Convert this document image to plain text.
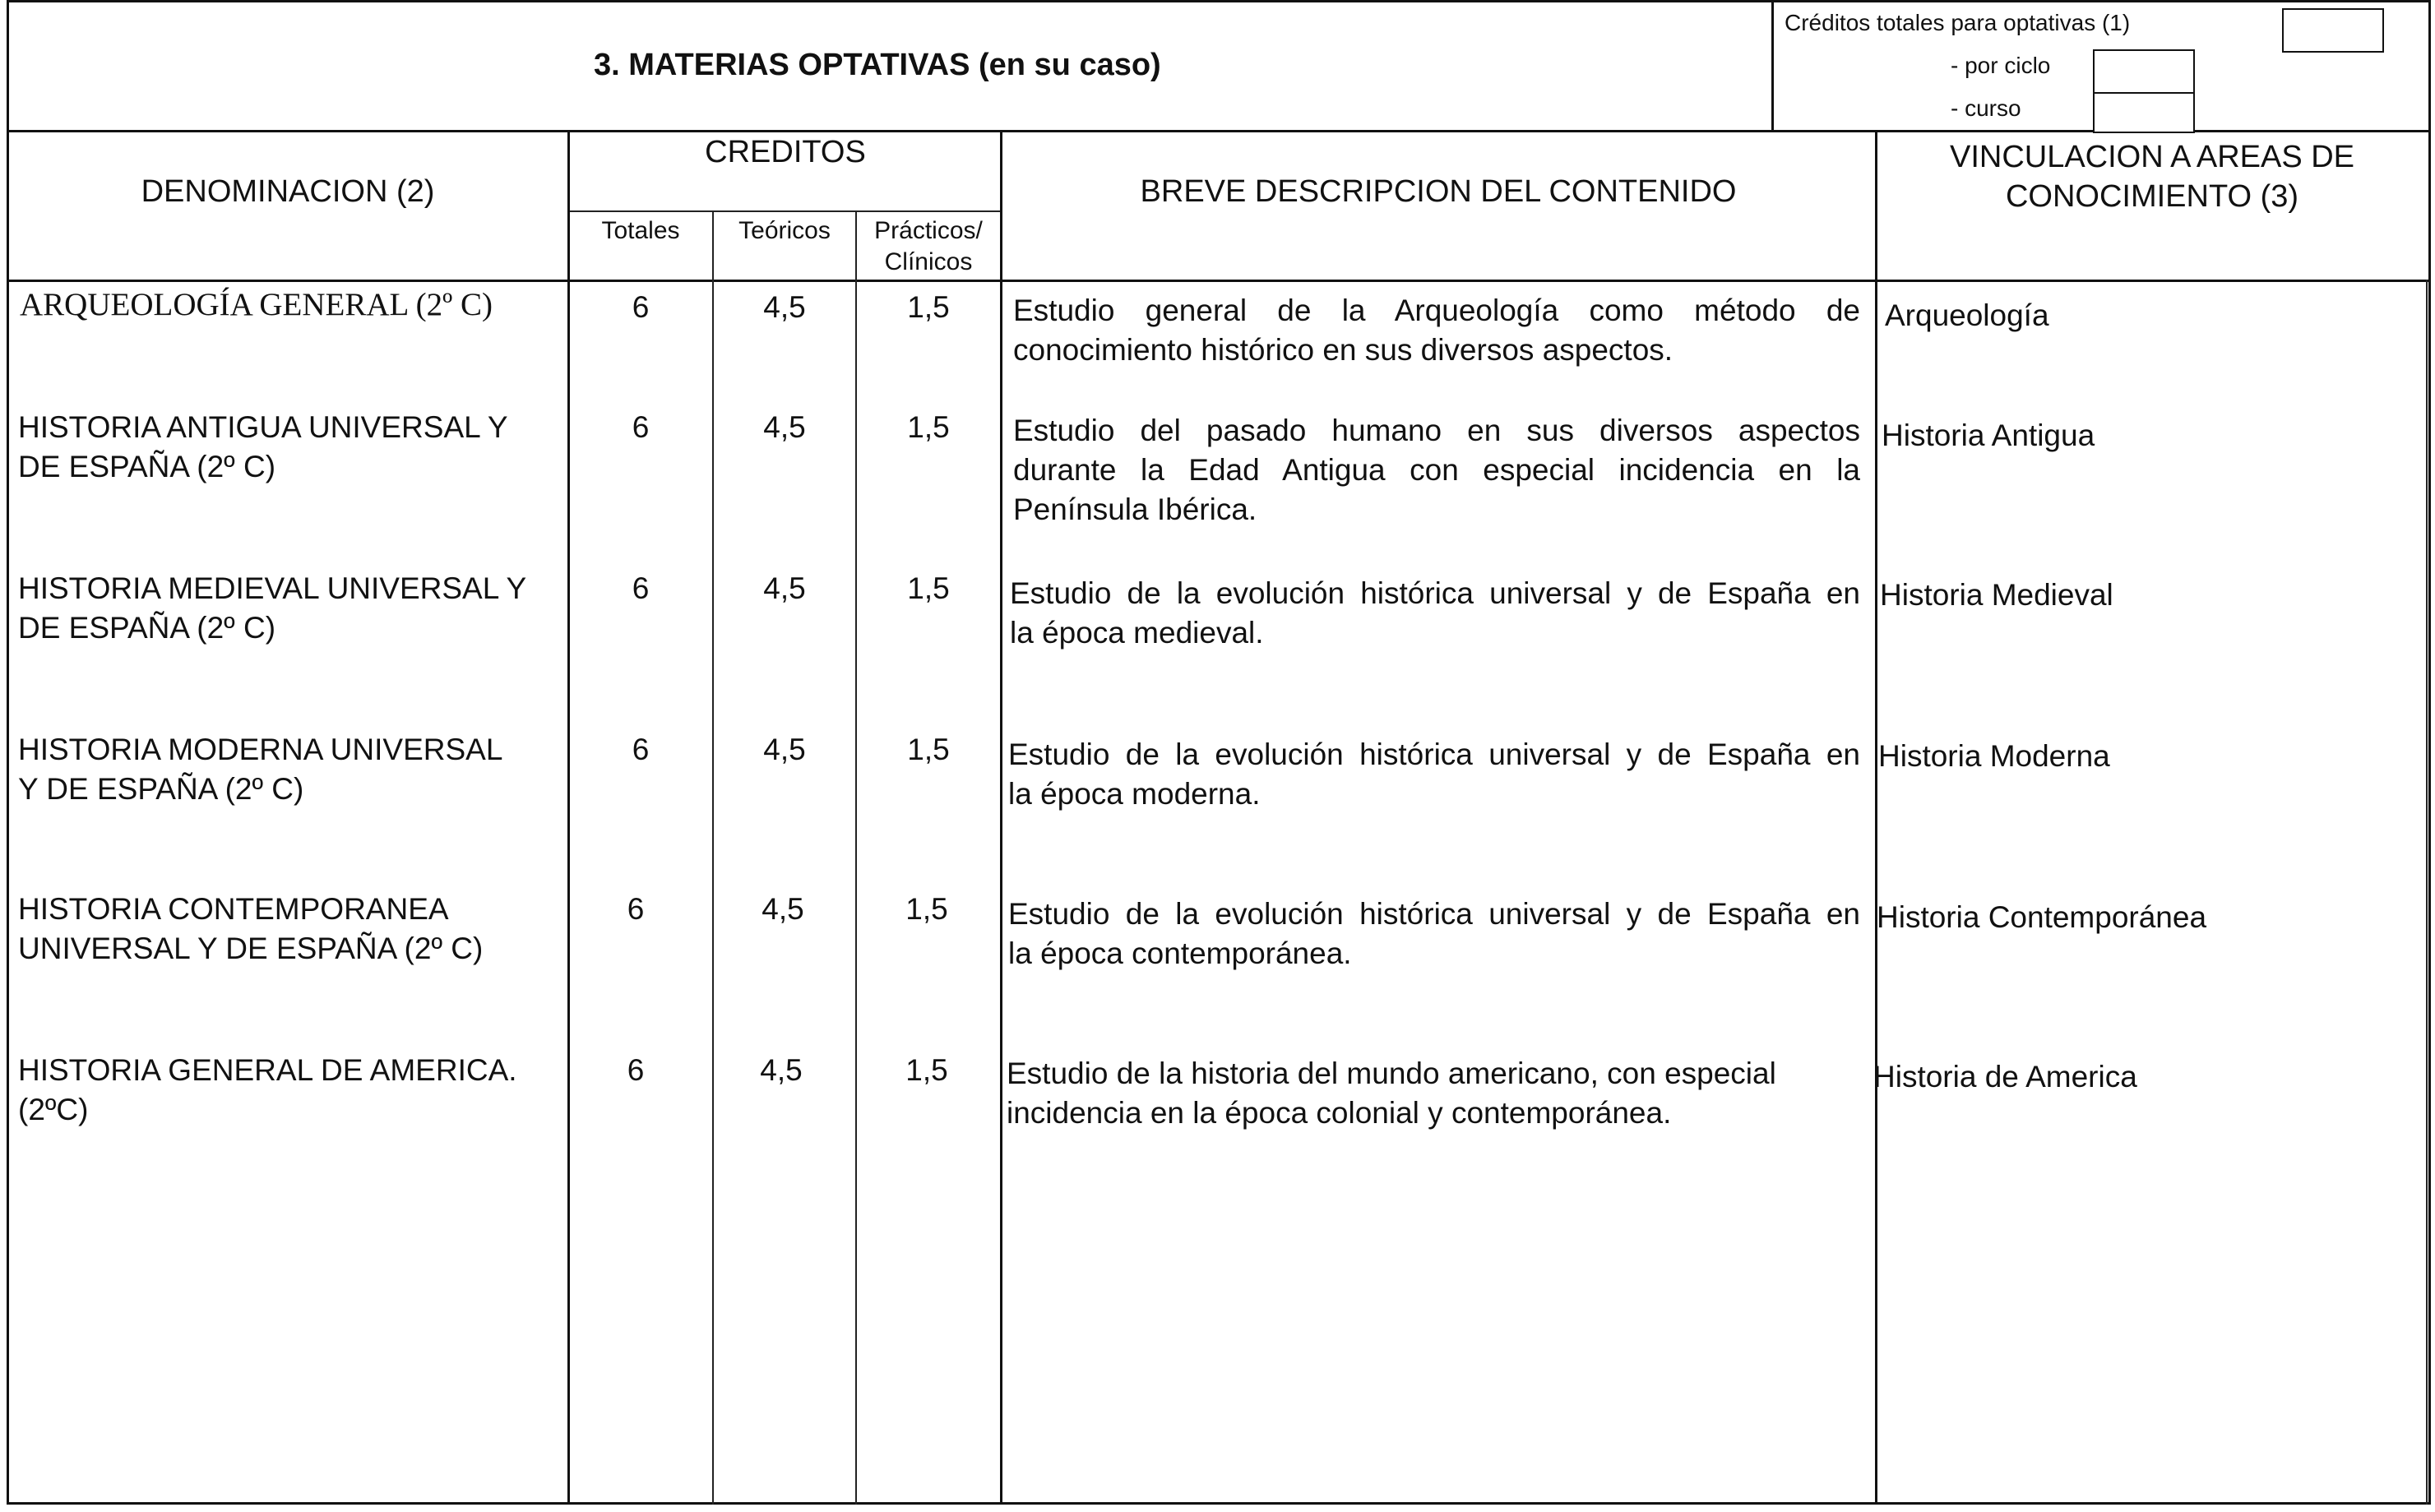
3. MATERIAS OPTATIVAS (en su caso)
Créditos totales para optativas (1)
- por ciclo
- curso
DENOMINACION (2)
CREDITOS
Totales	Teóricos	Prácticos/
Clínicos
BREVE DESCRIPCION DEL CONTENIDO
VINCULACION A AREAS DE
CONOCIMIENTO (3)
ARQUEOLOGÍA GENERAL (2º C)	6	4,5	1,5	Estudio general de la Arqueología como método de
conocimiento histórico en sus diversos aspectos.
Arqueología
HISTORIA ANTIGUA UNIVERSAL Y
DE ESPAÑA (2º C)
6	4,5	1,5	Estudio del pasado humano en sus diversos aspectos
durante la Edad Antigua con especial incidencia en la
Península Ibérica.
Historia Antigua
HISTORIA MEDIEVAL UNIVERSAL Y
DE ESPAÑA (2º C)
6	4,5	1,5	Estudio de la evolución histórica universal y de España en
la época medieval.
Historia Medieval
HISTORIA MODERNA UNIVERSAL
Y DE ESPAÑA (2º C)
6	4,5	1,5	Estudio de la evolución histórica universal y de España en
la época moderna.
Historia Moderna
HISTORIA CONTEMPORANEA
UNIVERSAL Y DE ESPAÑA (2º C)
6	4,5	1,5	Estudio de la evolución histórica universal y de España en
la época contemporánea.
Historia Contemporánea
HISTORIA GENERAL DE AMERICA.
(2ºC)
6	4,5	1,5	Estudio de la historia del mundo americano, con especial
incidencia en la época colonial y contemporánea.
Historia de America
